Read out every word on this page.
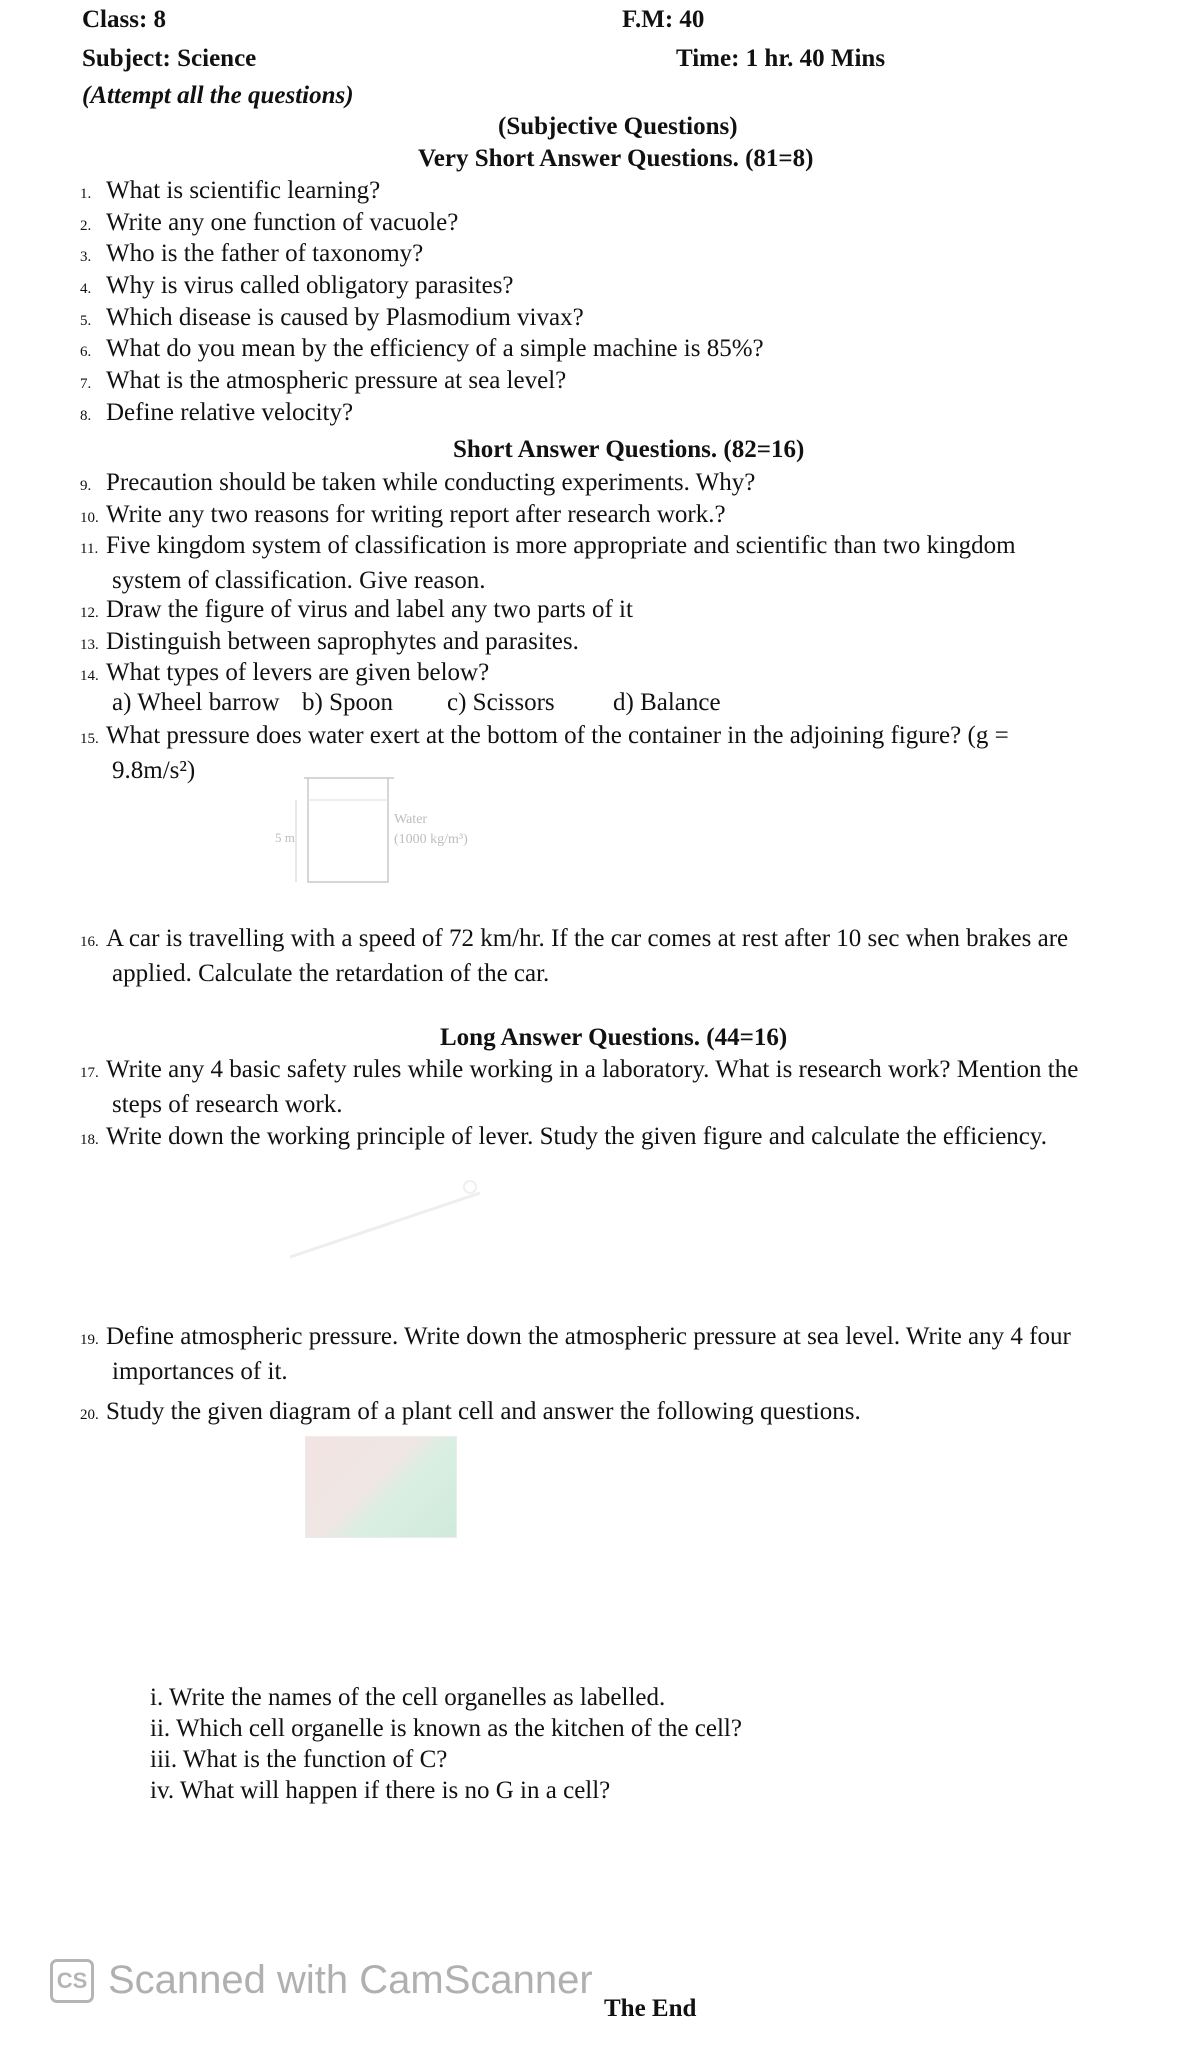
Class: 8	F.M: 40
Subject: Science	Time: 1 hr. 40 Mins
(Attempt all the questions)
(Subjective Questions)
Very Short Answer Questions. (81=8)
1. What is scientific learning?
2. Write any one function of vacuole?
3. Who is the father of taxonomy?
4. Why is virus called obligatory parasites?
5. Which disease is caused by Plasmodium vivax?
6. What do you mean by the efficiency of a simple machine is 85%?
7. What is the atmospheric pressure at sea level?
8. Define relative velocity?
Short Answer Questions. (82=16)
9. Precaution should be taken while conducting experiments. Why?
10. Write any two reasons for writing report after research work.?
11. Five kingdom system of classification is more appropriate and scientific than two kingdom
system of classification. Give reason.
12. Draw the figure of virus and label any two parts of it
13. Distinguish between saprophytes and parasites.
14. What types of levers are given below?
a) Wheel barrow b) Spoon c) Scissors d) Balance
15. What pressure does water exert at the bottom of the container in the adjoining figure? (g =
9.8m/s²)
5 m
Water
(1000 kg/m³)
16. A car is travelling with a speed of 72 km/hr. If the car comes at rest after 10 sec when brakes are
applied. Calculate the retardation of the car.
Long Answer Questions. (44=16)
17. Write any 4 basic safety rules while working in a laboratory. What is research work? Mention the
steps of research work.
18. Write down the working principle of lever. Study the given figure and calculate the efficiency.
19. Define atmospheric pressure. Write down the atmospheric pressure at sea level. Write any 4 four
importances of it.
20. Study the given diagram of a plant cell and answer the following questions.
i. Write the names of the cell organelles as labelled.
ii. Which cell organelle is known as the kitchen of the cell?
iii. What is the function of C?
iv. What will happen if there is no G in a cell?
CS Scanned with CamScanner
The End
